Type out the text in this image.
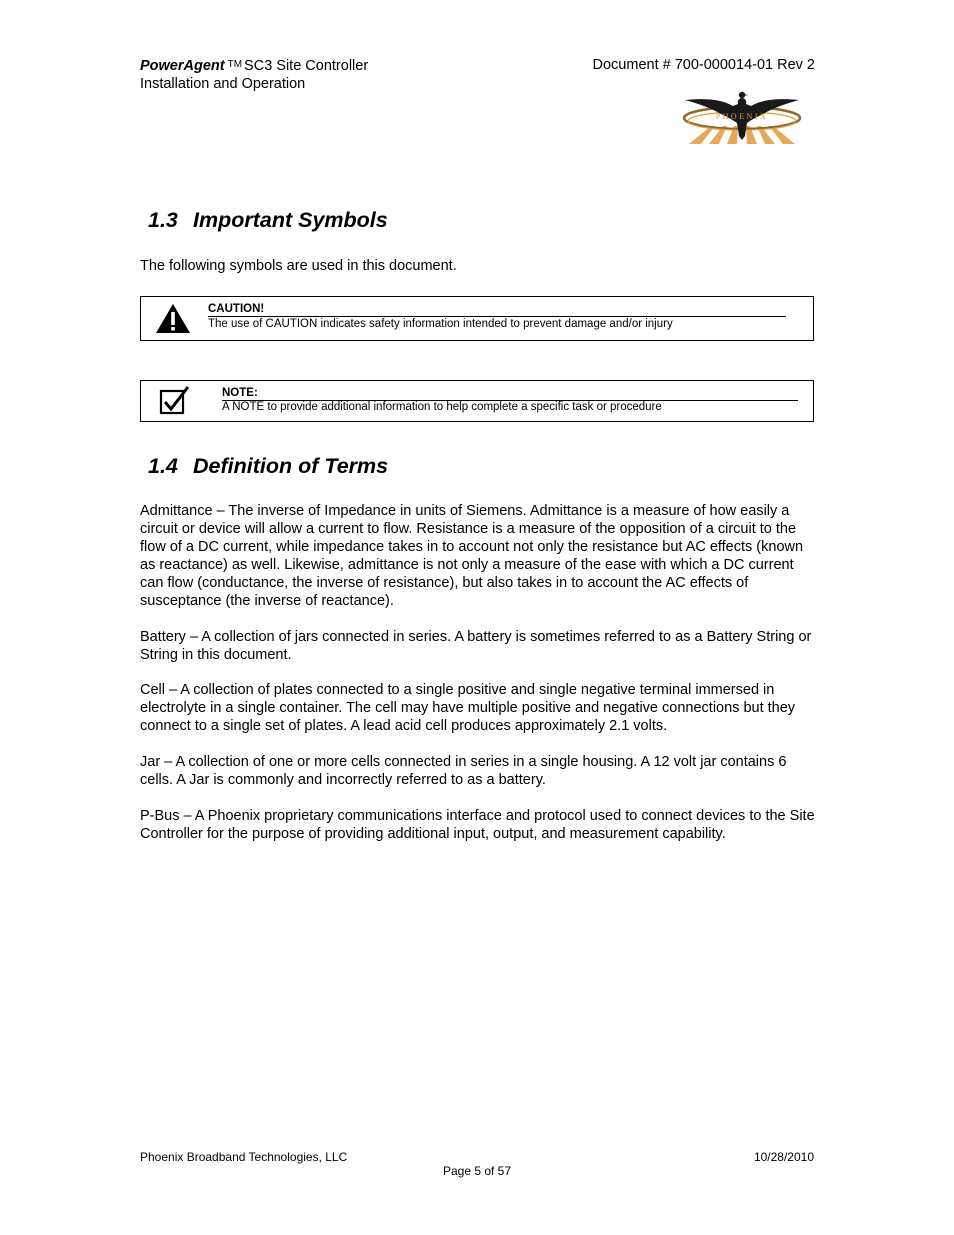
PowerAgent ™ SC3 Site Controller
Installation and Operation
Document # 700-000014-01 Rev 2
PHOENIX
1.3 Important Symbols

The following symbols are used in this document.

CAUTION!
The use of CAUTION indicates safety information intended to prevent damage and/or injury
NOTE:
A NOTE to provide additional information to help complete a specific task or procedure
1.4 Definition of Terms

Admittance – The inverse of Impedance in units of Siemens. Admittance is a measure of how easily a circuit or device will allow a current to flow. Resistance is a measure of the opposition of a circuit to the flow of a DC current, while impedance takes in to account not only the resistance but AC effects (known as reactance) as well. Likewise, admittance is not only a measure of the ease with which a DC current can flow (conductance, the inverse of resistance), but also takes in to account the AC effects of susceptance (the inverse of reactance).

Battery – A collection of jars connected in series. A battery is sometimes referred to as a Battery String or String in this document.

Cell – A collection of plates connected to a single positive and single negative terminal immersed in electrolyte in a single container. The cell may have multiple positive and negative connections but they connect to a single set of plates. A lead acid cell produces approximately 2.1 volts.

Jar – A collection of one or more cells connected in series in a single housing. A 12 volt jar contains 6 cells. A Jar is commonly and incorrectly referred to as a battery.

P-Bus – A Phoenix proprietary communications interface and protocol used to connect devices to the Site Controller for the purpose of providing additional input, output, and measurement capability.

Phoenix Broadband Technologies, LLC	10/28/2010
Page 5 of 57
